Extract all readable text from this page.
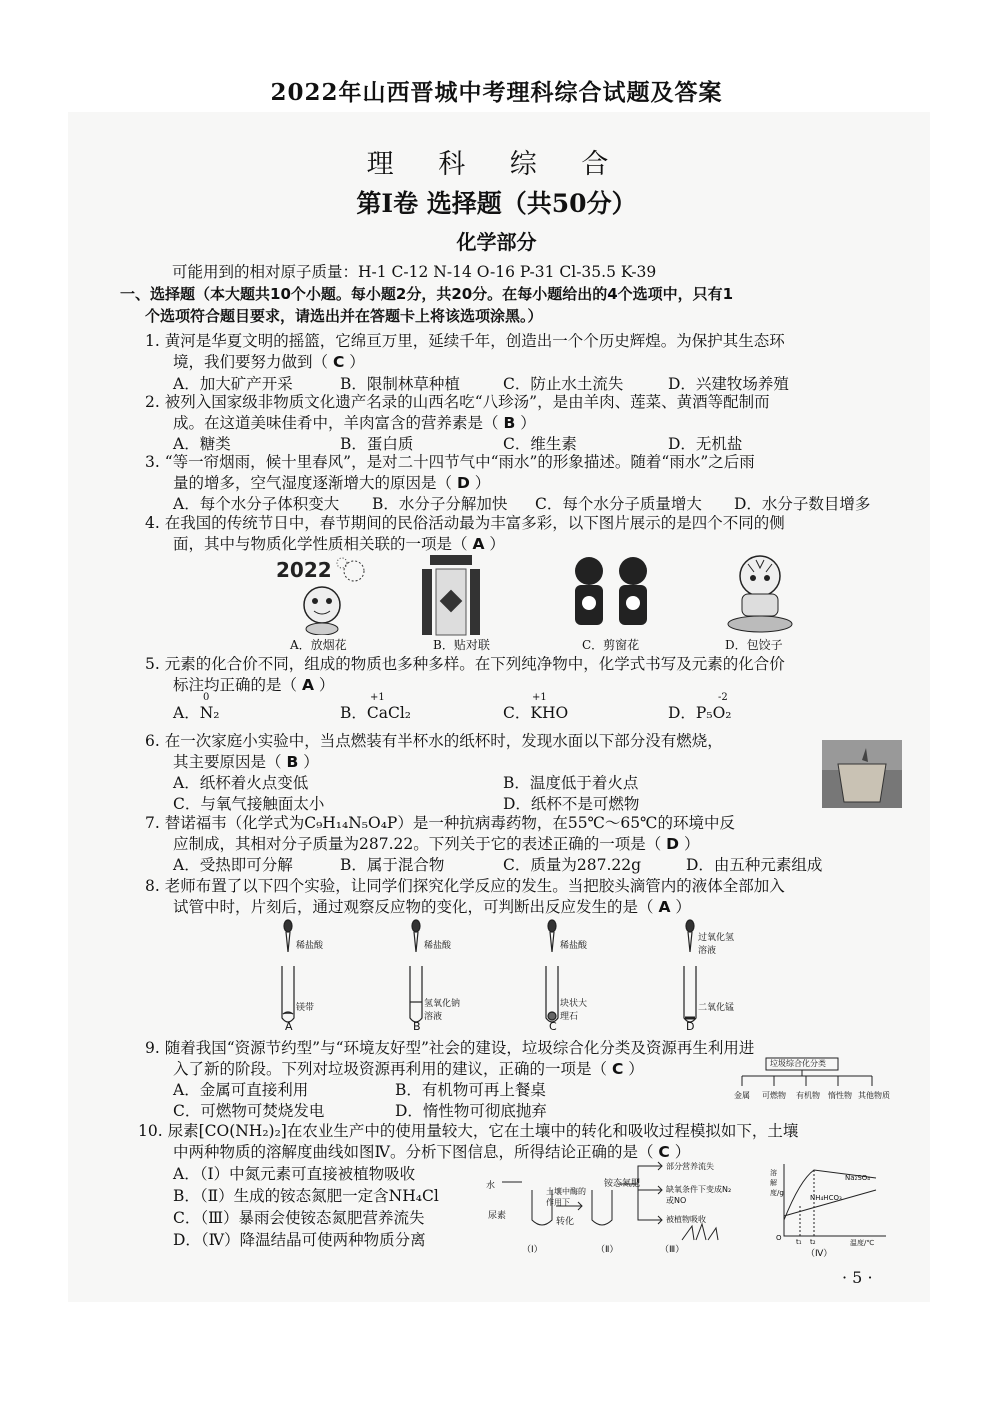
2022年山西晋城中考理科综合试题及答案
理 科 综 合
第I卷 选择题（共50分）
化学部分
可能用到的相对原子质量：H-1 C-12 N-14 O-16 P-31 Cl-35.5 K-39
一、选择题（本大题共10个小题。每小题2分，共20分。在每小题给出的4个选项中，只有1
个选项符合题目要求，请选出并在答题卡上将该选项涂黑。）
1. 黄河是华夏文明的摇篮，它绵亘万里，延续千年，创造出一个个历史辉煌。为保护其生态环
境，我们要努力做到（ C ）
A．加大矿产开采	B．限制林草种植	C．防止水土流失	D．兴建牧场养殖
2. 被列入国家级非物质文化遗产名录的山西名吃“八珍汤”，是由羊肉、莲菜、黄酒等配制而
成。在这道美味佳肴中，羊肉富含的营养素是（ B ）
A．糖类	B．蛋白质	C．维生素	D．无机盐
3. “等一帘烟雨，候十里春风”，是对二十四节气中“雨水”的形象描述。随着“雨水”之后雨
量的增多，空气湿度逐渐增大的原因是（ D ）
A．每个水分子体积变大 B．水分子分解加快 C．每个水分子质量增大 D．水分子数目增多
4. 在我国的传统节日中，春节期间的民俗活动最为丰富多彩，以下图片展示的是四个不同的侧
面，其中与物质化学性质相关联的一项是（ A ）
2022
A．放烟花	B．贴对联	C．剪窗花	D．包饺子
5. 元素的化合价不同，组成的物质也多种多样。在下列纯净物中，化学式书写及元素的化合价
标注均正确的是（ A ）
0	+1	+1	-2
A．N₂	B．CaCl₂	C．KHO	D．P₅O₂
6. 在一次家庭小实验中，当点燃装有半杯水的纸杯时，发现水面以下部分没有燃烧，
其主要原因是（ B ）
A．纸杯着火点变低	B．温度低于着火点
C．与氧气接触面太小	D．纸杯不是可燃物
7. 替诺福韦（化学式为C₉H₁₄N₅O₄P）是一种抗病毒药物，在55℃～65℃的环境中反
应制成，其相对分子质量为287.22。下列关于它的表述正确的一项是（ D ）
A．受热即可分解	B．属于混合物	C．质量为287.22g	D．由五种元素组成
8. 老师布置了以下四个实验，让同学们探究化学反应的发生。当把胶头滴管内的液体全部加入
试管中时，片刻后，通过观察反应物的变化，可判断出反应发生的是（ A ）
稀盐酸
镁带
A
稀盐酸
氢氧化钠溶液
B
稀盐酸
块状大理石
C
过氧化氢溶液
二氧化锰
D
9. 随着我国“资源节约型”与“环境友好型”社会的建设，垃圾综合化分类及资源再生利用进
入了新的阶段。下列对垃圾资源再利用的建议，正确的一项是（ C ）
A．金属可直接利用	B．有机物可再上餐桌
C．可燃物可焚烧发电	D．惰性物可彻底抛弃
垃圾综合化分类
金属 可燃物 有机物 惰性物 其他物质
10. 尿素[CO(NH₂)₂]在农业生产中的使用量较大，它在土壤中的转化和吸收过程模拟如下，土壤
中两种物质的溶解度曲线如图Ⅳ。分析下图信息，所得结论正确的是（ C ）
A．（Ⅰ）中氮元素可直接被植物吸收
B．（Ⅱ）生成的铵态氮肥一定含NH₄Cl
C．（Ⅲ）暴雨会使铵态氮肥营养流失
D．（Ⅳ）降温结晶可使两种物质分离
水
尿素
土壤中酶的作用下
转化
铵态氮肥
部分营养流失
缺氧条件下变成N₂或NO
被植物吸收
（Ⅰ）	（Ⅱ）	（Ⅲ）
溶解度/g
Na₂SO₄
NH₄HCO₃
O t₁ t₂	温度/℃
（Ⅳ）
· 5 ·
